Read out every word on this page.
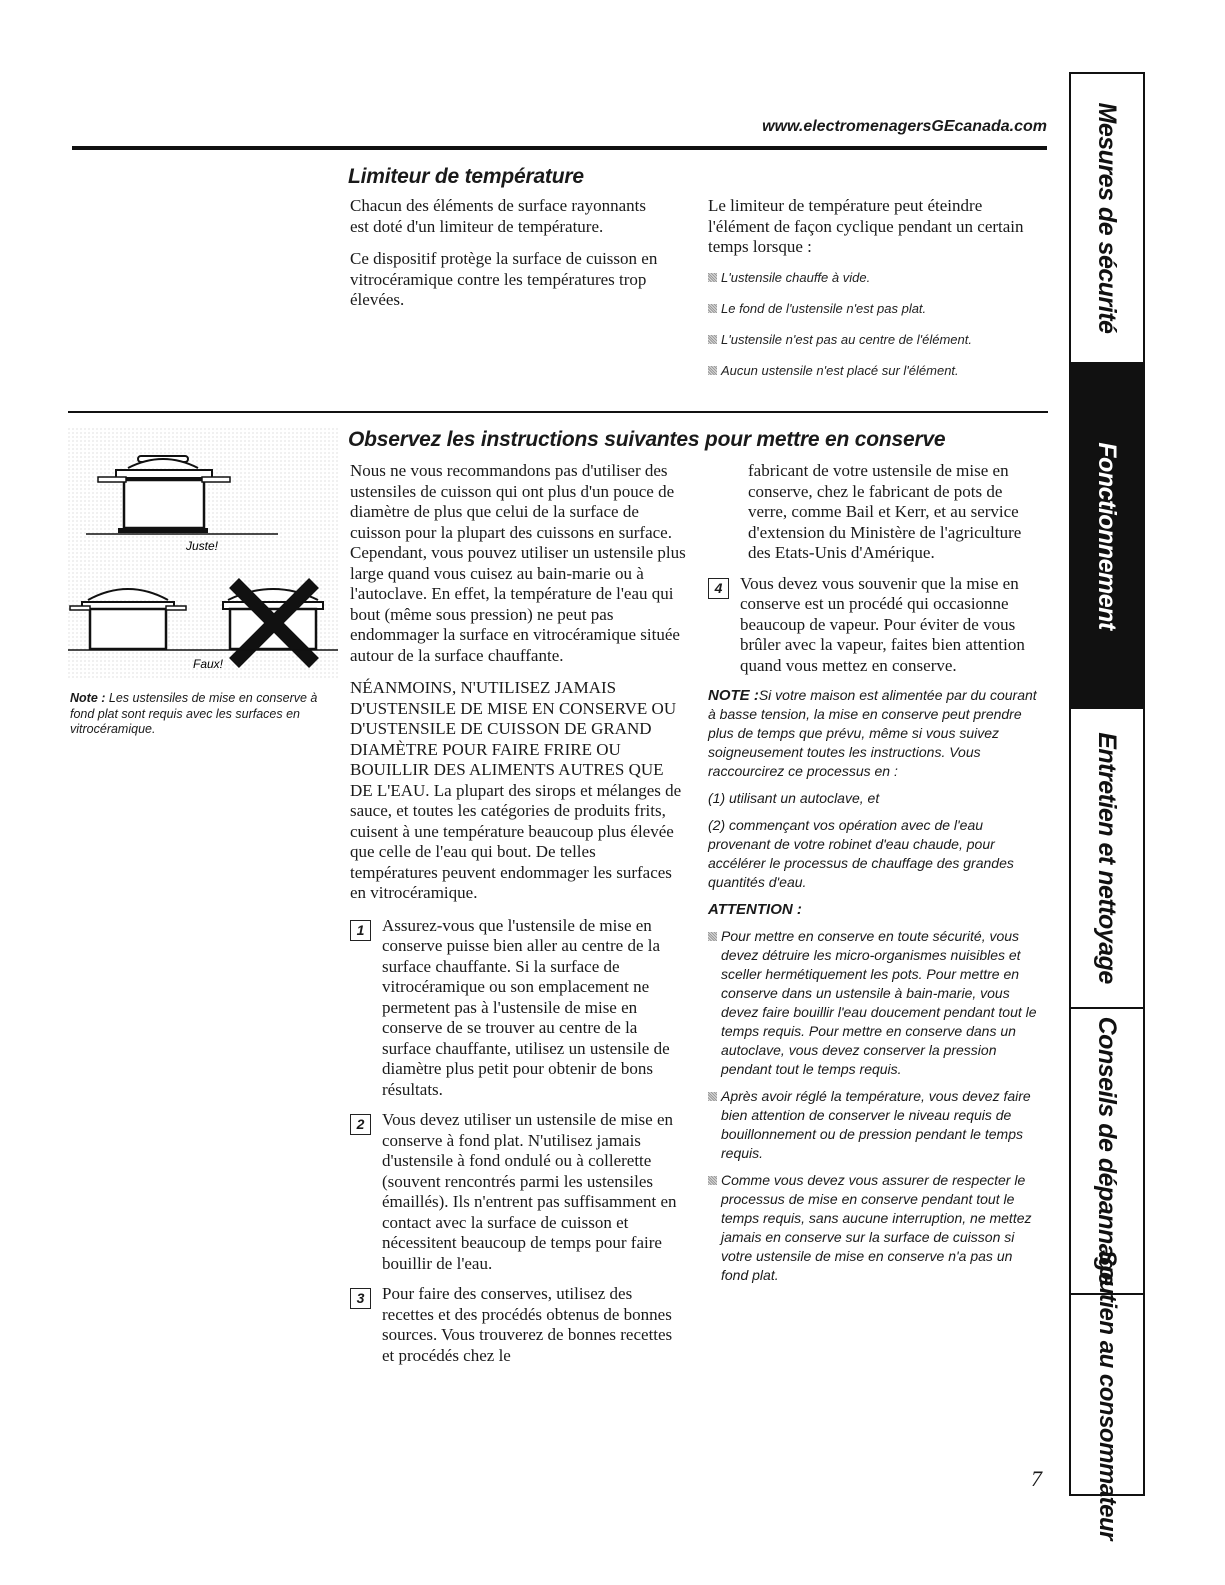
www.electromenagersGEcanada.com
Limiteur de température

Chacun des éléments de surface rayonnants est doté d'un limiteur de température.

Ce dispositif protège la surface de cuisson en vitrocéramique contre les températures trop élevées.

Le limiteur de température peut éteindre l'élément de façon cyclique pendant un certain temps lorsque :
L'ustensile chauffe à vide.
Le fond de l'ustensile n'est pas plat.
L'ustensile n'est pas au centre de l'élément.
Aucun ustensile n'est placé sur l'élément.
Observez les instructions suivantes pour mettre en conserve
Juste!
Faux!
Note : Les ustensiles de mise en conserve à fond plat sont requis avec les surfaces en vitrocéramique.

Nous ne vous recommandons pas d'utiliser des ustensiles de cuisson qui ont plus d'un pouce de diamètre de plus que celui de la surface de cuisson pour la plupart des cuissons en surface. Cependant, vous pouvez utiliser un ustensile plus large quand vous cuisez au bain-marie ou à l'autoclave. En effet, la température de l'eau qui bout (même sous pression) ne peut pas endommager la surface en vitrocéramique située autour de la surface chauffante.

NÉANMOINS, N'UTILISEZ JAMAIS D'USTENSILE DE MISE EN CONSERVE OU D'USTENSILE DE CUISSON DE GRAND DIAMÈTRE POUR FAIRE FRIRE OU BOUILLIR DES ALIMENTS AUTRES QUE DE L'EAU. La plupart des sirops et mélanges de sauce, et toutes les catégories de produits frits, cuisent à une température beaucoup plus élevée que celle de l'eau qui bout. De telles températures peuvent endommager les surfaces en vitrocéramique.

1	Assurez-vous que l'ustensile de mise en conserve puisse bien aller au centre de la surface chauffante. Si la surface de vitrocéramique ou son emplacement ne permetent pas à l'ustensile de mise en conserve de se trouver au centre de la surface chauffante, utilisez un ustensile de diamètre plus petit pour obtenir de bons résultats.
2	Vous devez utiliser un ustensile de mise en conserve à fond plat. N'utilisez jamais d'ustensile à fond ondulé ou à collerette (souvent rencontrés parmi les ustensiles émaillés). Ils n'entrent pas suffisamment en contact avec la surface de cuisson et nécessitent beaucoup de temps pour faire bouillir de l'eau.
3	Pour faire des conserves, utilisez des recettes et des procédés obtenus de bonnes sources. Vous trouverez de bonnes recettes et procédés chez le
fabricant de votre ustensile de mise en conserve, chez le fabricant de pots de verre, comme Bail et Kerr, et au service d'extension du Ministère de l'agriculture des Etats-Unis d'Amérique.
4	Vous devez vous souvenir que la mise en conserve est un procédé qui occasionne beaucoup de vapeur. Pour éviter de vous brûler avec la vapeur, faites bien attention quand vous mettez en conserve.

NOTE :Si votre maison est alimentée par du courant à basse tension, la mise en conserve peut prendre plus de temps que prévu, même si vous suivez soigneusement toutes les instructions. Vous raccourcirez ce processus en :

(1) utilisant un autoclave, et

(2) commençant vos opération avec de l'eau provenant de votre robinet d'eau chaude, pour accélérer le processus de chauffage des grandes quantités d'eau.

ATTENTION :

Pour mettre en conserve en toute sécurité, vous devez détruire les micro-organismes nuisibles et sceller hermétiquement les pots. Pour mettre en conserve dans un ustensile à bain-marie, vous devez faire bouillir l'eau doucement pendant tout le temps requis. Pour mettre en conserve dans un autoclave, vous devez conserver la pression pendant tout le temps requis.
Après avoir réglé la température, vous devez faire bien attention de conserver le niveau requis de bouillonnement ou de pression pendant le temps requis.
Comme vous devez vous assurer de respecter le processus de mise en conserve pendant tout le temps requis, sans aucune interruption, ne mettez jamais en conserve sur la surface de cuisson si votre ustensile de mise en conserve n'a pas un fond plat.
Mesures de sécurité
Fonctionnement
Entretien et nettoyage
Conseils de dépannage
Soutien au consommateur
7
